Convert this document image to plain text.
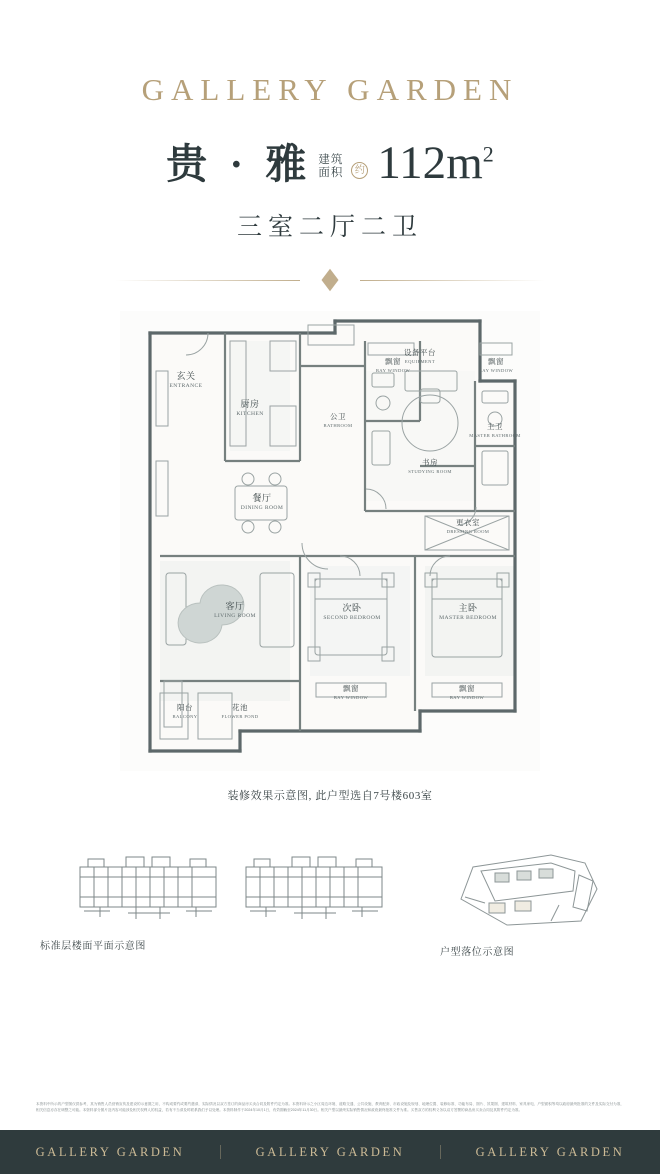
GALLERY GARDEN
贵 · 雅 建筑
面积	约 $112m^2$
三室二厅二卫
设备平台
EQUIPMENT
玄关
ENTRANCE
厨房
KITCHEN	公卫
BATHROOM
飘窗
BAY WINDOW
飘窗
BAY WINDOW
主卫
MASTER BATHROOM
书房
STUDYING ROOM
餐厅
DINING ROOM
更衣室
DRESSING ROOM
客厅
LIVING ROOM
次卧
SECOND BEDROOM
主卧
MASTER BEDROOM
飘窗
BAY WINDOW
飘窗
BAY WINDOW
阳台
BALCONY
花池
FLOWER POND
装修效果示意图, 此户型选自7号楼603室
标准层楼面平面示意图
户型落位示意图
本资料中所示的户型图仅供参考，其为销售人员营销宣传及建设的示意图之用，不构成要约或要约邀请，实际情况以双方签订的商品房买卖合同及附件约定为准。本资料所示之小区周边环境、道路交通、公共设施、教育配套、市政设施及规划、地理位置、装修标准、功能布局、图片、效果图、建筑材料、家具家电、户型面积等均以政府最终批准的文件及实际交付为准，相关信息亦存在调整之可能。本资料部分图片及内容可能涉及相关权利人的权益，若有不当请及时联系我们予以处理。本资料制作于2024年10月1日，有效期截至2024年11月30日。相关户型以最终实际销售情况和政府最终批准文件为准。买售双方的权利义务以双方签署的商品房买卖合同及其附件约定为准。
GALLERY GARDEN	GALLERY GARDEN	GALLERY GARDEN
